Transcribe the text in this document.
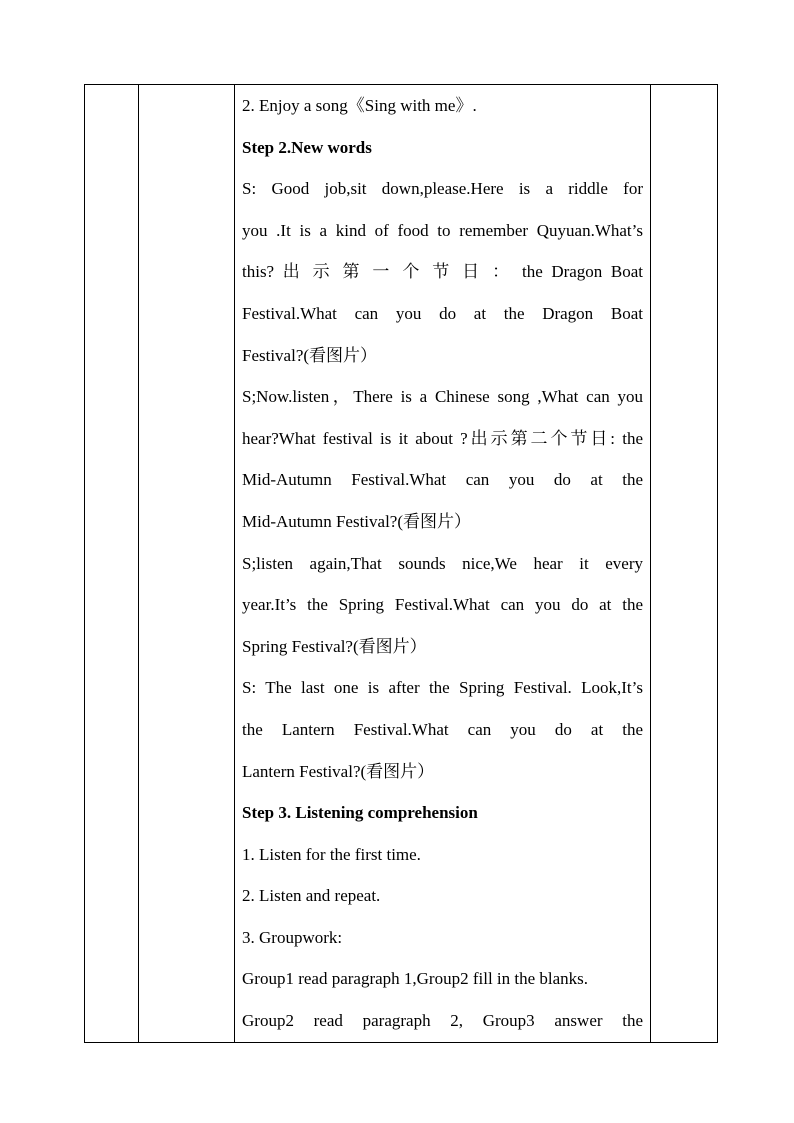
2. Enjoy a song《Sing with me》.
Step 2.New words
S: Good job,sit down,please.Here is a riddle for
you .It is a kind of food to remember Quyuan.What’s
this? 出 示 第 一 个 节 日 ： the Dragon Boat
Festival.What can you do at the Dragon Boat
Festival?(看图片）
S;Now.listen，There is a Chinese song ,What can you
hear?What festival is it about ?出示第二个节日: the
Mid-Autumn Festival.What can you do at the
Mid-Autumn Festival?(看图片）
S;listen again,That sounds nice,We hear it every
year.It’s the Spring Festival.What can you do at the
Spring Festival?(看图片）
S: The last one is after the Spring Festival. Look,It’s
the Lantern Festival.What can you do at the
Lantern Festival?(看图片）
Step 3. Listening comprehension
1. Listen for the first time.
2. Listen and repeat.
3. Groupwork:
Group1 read paragraph 1,Group2 fill in the blanks.
Group2 read paragraph 2, Group3 answer the
